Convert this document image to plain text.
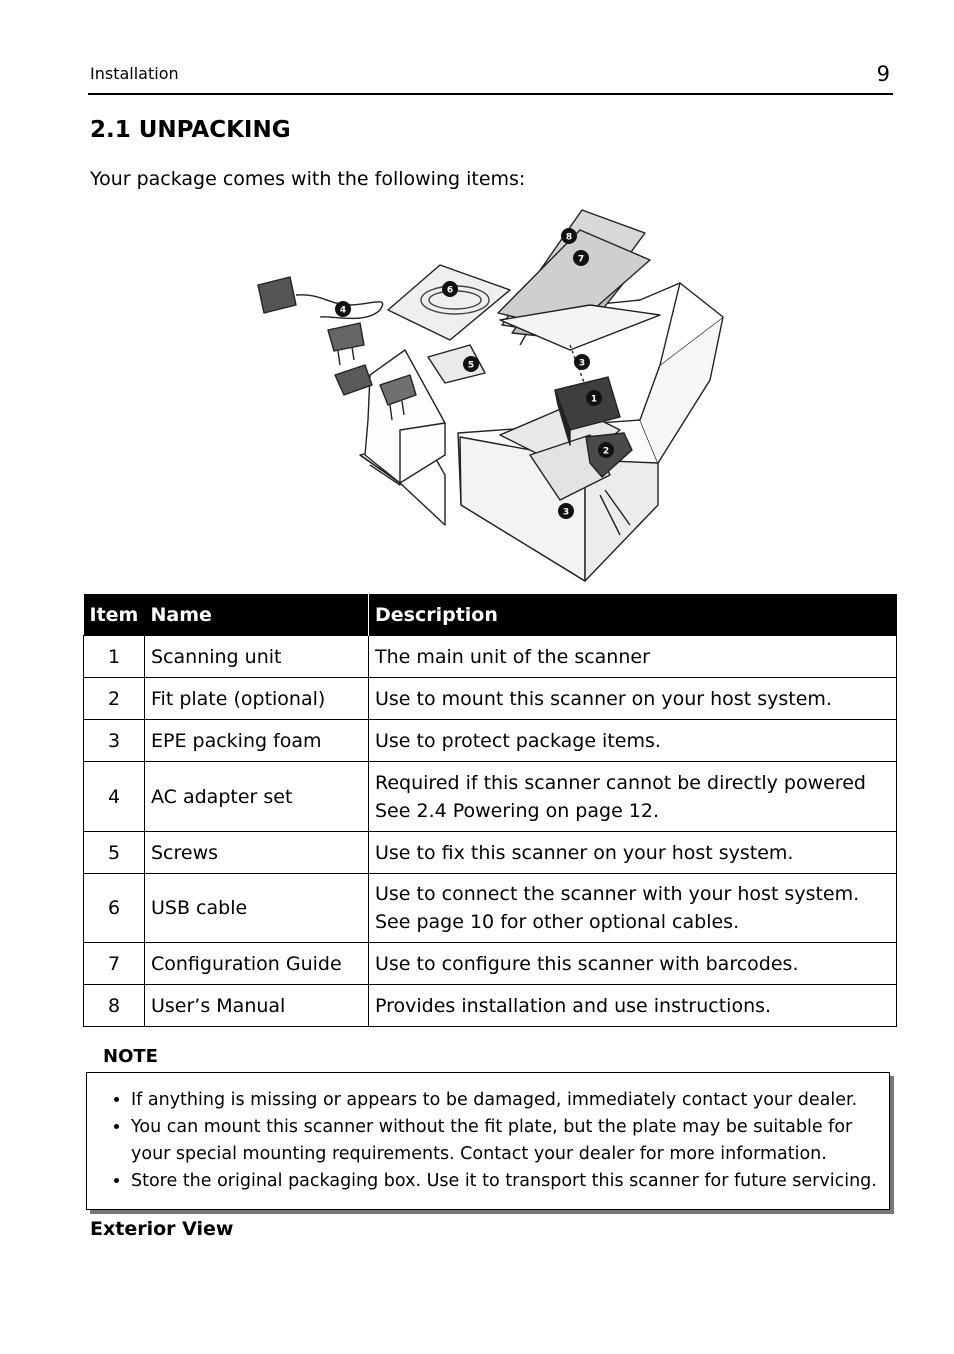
Installation	9
2.1 UNPACKING
Your package comes with the following items:
1
2
3
3
4
5
6
7
8
Item	Name	Description
1	Scanning unit	The main unit of the scanner
2	Fit plate (optional)	Use to mount this scanner on your host system.
3	EPE packing foam	Use to protect package items.
4	AC adapter set	Required if this scanner cannot be directly powered See 2.4 Powering on page 12.
5	Screws	Use to fix this scanner on your host system.
6	USB cable	Use to connect the scanner with your host system. See page 10 for other optional cables.
7	Configuration Guide	Use to configure this scanner with barcodes.
8	User’s Manual	Provides installation and use instructions.
NOTE
• If anything is missing or appears to be damaged, immediately contact your dealer.
• You can mount this scanner without the fit plate, but the plate may be suitable for your special mounting requirements. Contact your dealer for more information.
• Store the original packaging box. Use it to transport this scanner for future servicing.
Exterior View
